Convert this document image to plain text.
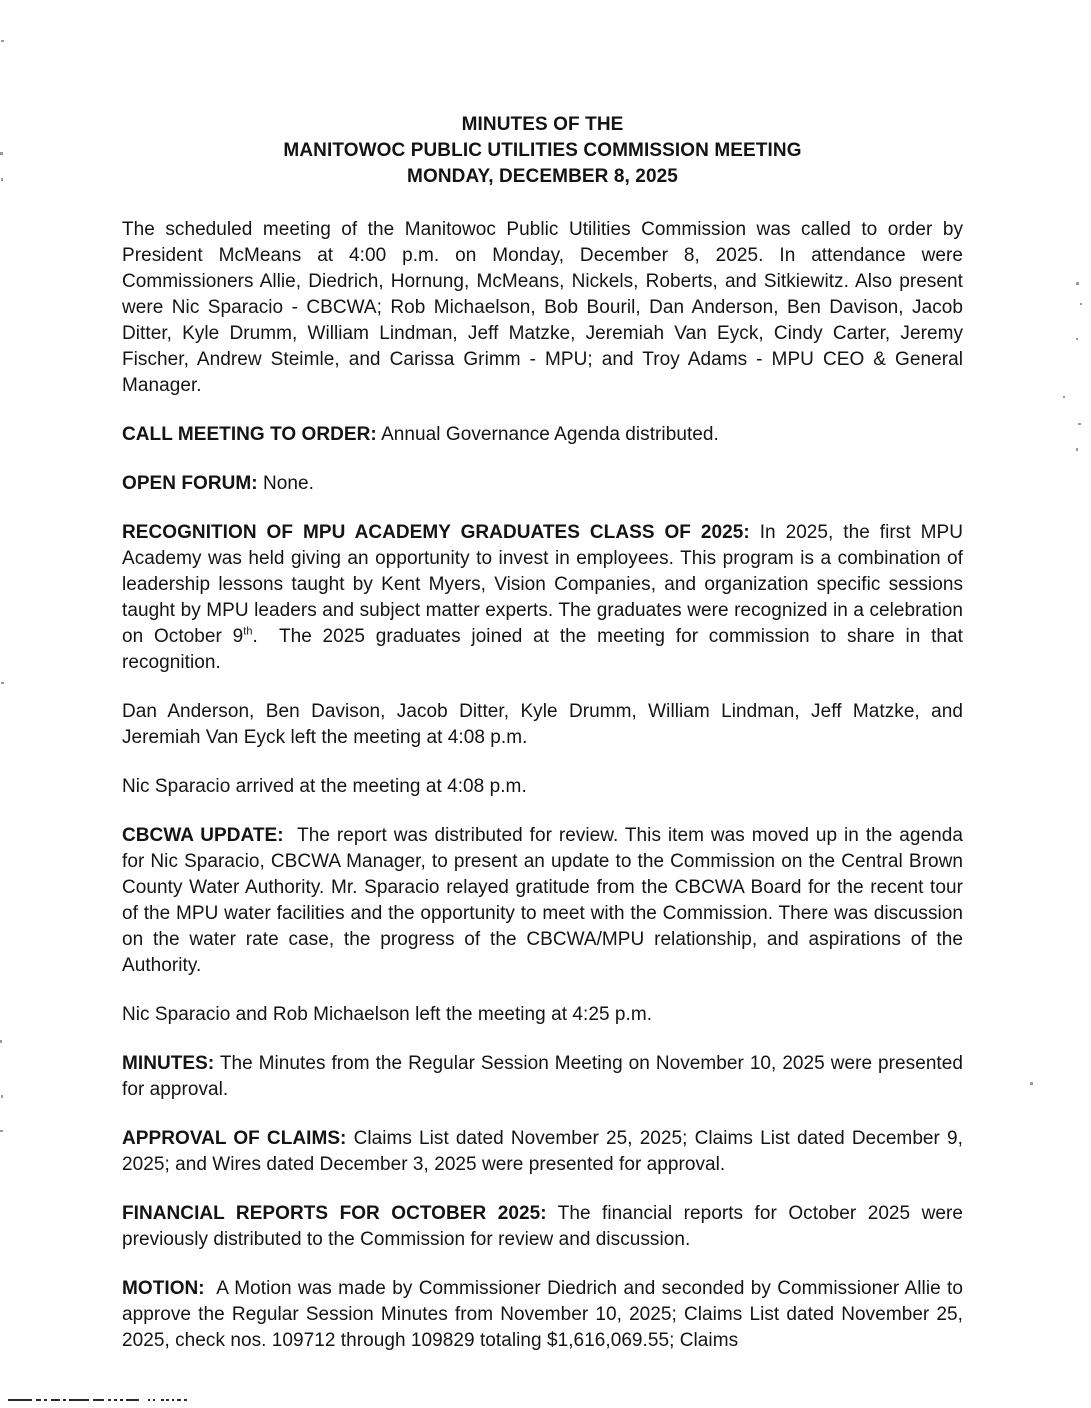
MINUTES OF THE
MANITOWOC PUBLIC UTILITIES COMMISSION MEETING
MONDAY, DECEMBER 8, 2025

The scheduled meeting of the Manitowoc Public Utilities Commission was called to order by President McMeans at 4:00 p.m. on Monday, December 8, 2025. In attendance were Commissioners Allie, Diedrich, Hornung, McMeans, Nickels, Roberts, and Sitkiewitz. Also present were Nic Sparacio - CBCWA; Rob Michaelson, Bob Bouril, Dan Anderson, Ben Davison, Jacob Ditter, Kyle Drumm, William Lindman, Jeff Matzke, Jeremiah Van Eyck, Cindy Carter, Jeremy Fischer, Andrew Steimle, and Carissa Grimm - MPU; and Troy Adams - MPU CEO & General Manager.

CALL MEETING TO ORDER: Annual Governance Agenda distributed.

OPEN FORUM: None.

RECOGNITION OF MPU ACADEMY GRADUATES CLASS OF 2025: In 2025, the first MPU Academy was held giving an opportunity to invest in employees. This program is a combination of leadership lessons taught by Kent Myers, Vision Companies, and organization specific sessions taught by MPU leaders and subject matter experts. The graduates were recognized in a celebration on October 9th.  The 2025 graduates joined at the meeting for commission to share in that recognition.

Dan Anderson, Ben Davison, Jacob Ditter, Kyle Drumm, William Lindman, Jeff Matzke, and Jeremiah Van Eyck left the meeting at 4:08 p.m.

Nic Sparacio arrived at the meeting at 4:08 p.m.

CBCWA UPDATE:  The report was distributed for review. This item was moved up in the agenda for Nic Sparacio, CBCWA Manager, to present an update to the Commission on the Central Brown County Water Authority. Mr. Sparacio relayed gratitude from the CBCWA Board for the recent tour of the MPU water facilities and the opportunity to meet with the Commission. There was discussion on the water rate case, the progress of the CBCWA/MPU relationship, and aspirations of the Authority.

Nic Sparacio and Rob Michaelson left the meeting at 4:25 p.m.

MINUTES: The Minutes from the Regular Session Meeting on November 10, 2025 were presented for approval.

APPROVAL OF CLAIMS: Claims List dated November 25, 2025; Claims List dated December 9, 2025; and Wires dated December 3, 2025 were presented for approval.

FINANCIAL REPORTS FOR OCTOBER 2025: The financial reports for October 2025 were previously distributed to the Commission for review and discussion.

MOTION:  A Motion was made by Commissioner Diedrich and seconded by Commissioner Allie to approve the Regular Session Minutes from November 10, 2025; Claims List dated November 25, 2025, check nos. 109712 through 109829 totaling $1,616,069.55; Claims
